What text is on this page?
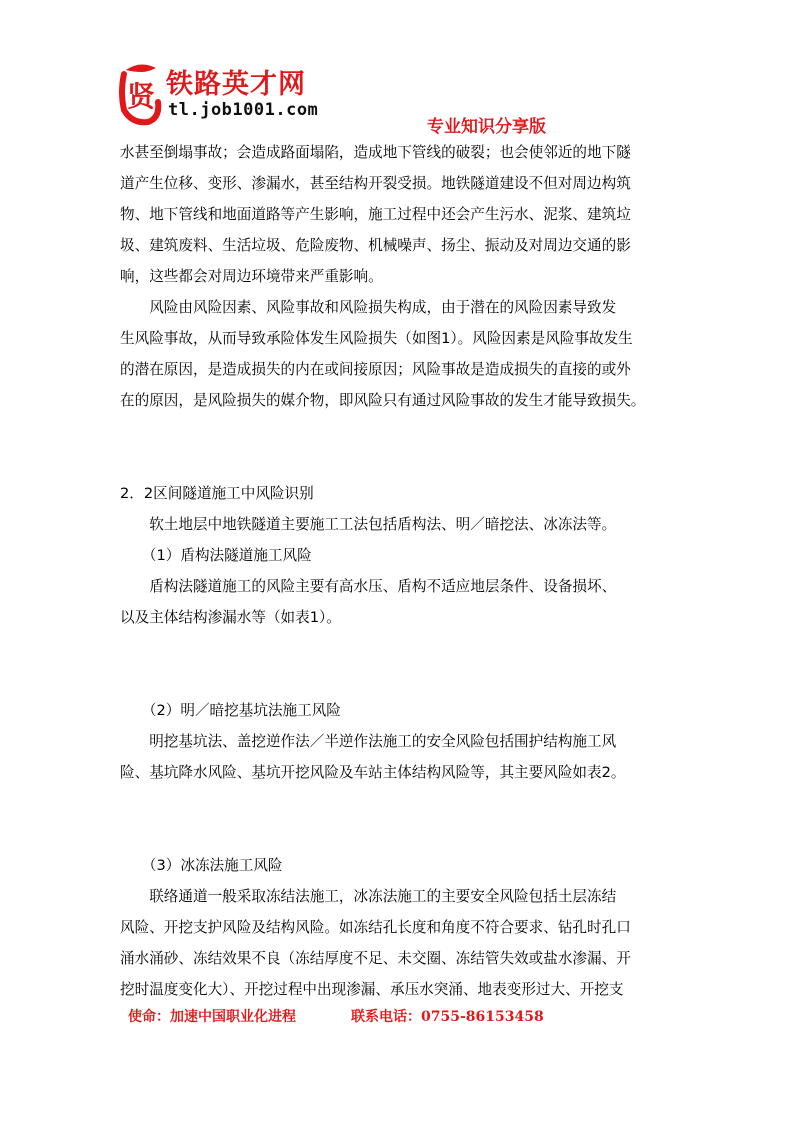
贤 铁路英才网
tl.job1001.com
专业知识分享版
水甚至倒塌事故；会造成路面塌陷，造成地下管线的破裂；也会使邻近的地下隧
道产生位移、变形、渗漏水，甚至结构开裂受损。地铁隧道建设不但对周边构筑
物、地下管线和地面道路等产生影响，施工过程中还会产生污水、泥浆、建筑垃
圾、建筑废料、生活垃圾、危险废物、机械噪声、扬尘、振动及对周边交通的影
响，这些都会对周边环境带来严重影响。
　　风险由风险因素、风险事故和风险损失构成，由于潜在的风险因素导致发
生风险事故，从而导致承险体发生风险损失（如图1）。风险因素是风险事故发生
的潜在原因，是造成损失的内在或间接原因；风险事故是造成损失的直接的或外
在的原因，是风险损失的媒介物，即风险只有通过风险事故的发生才能导致损失。
2．2区间隧道施工中风险识别
　　软土地层中地铁隧道主要施工工法包括盾构法、明／暗挖法、冰冻法等。
　　（1）盾构法隧道施工风险
　　盾构法隧道施工的风险主要有高水压、盾构不适应地层条件、设备损坏、
以及主体结构渗漏水等（如表1）。
　　（2）明／暗挖基坑法施工风险
　　明挖基坑法、盖挖逆作法／半逆作法施工的安全风险包括围护结构施工风
险、基坑降水风险、基坑开挖风险及车站主体结构风险等，其主要风险如表2。
　　（3）冰冻法施工风险
　　联络通道一般采取冻结法施工，冰冻法施工的主要安全风险包括土层冻结
风险、开挖支护风险及结构风险。如冻结孔长度和角度不符合要求、钻孔时孔口
涌水涌砂、冻结效果不良（冻结厚度不足、未交圈、冻结管失效或盐水渗漏、开
挖时温度变化大）、开挖过程中出现渗漏、承压水突涌、地表变形过大、开挖支
使命：加速中国职业化进程	联系电话：0755-86153458
